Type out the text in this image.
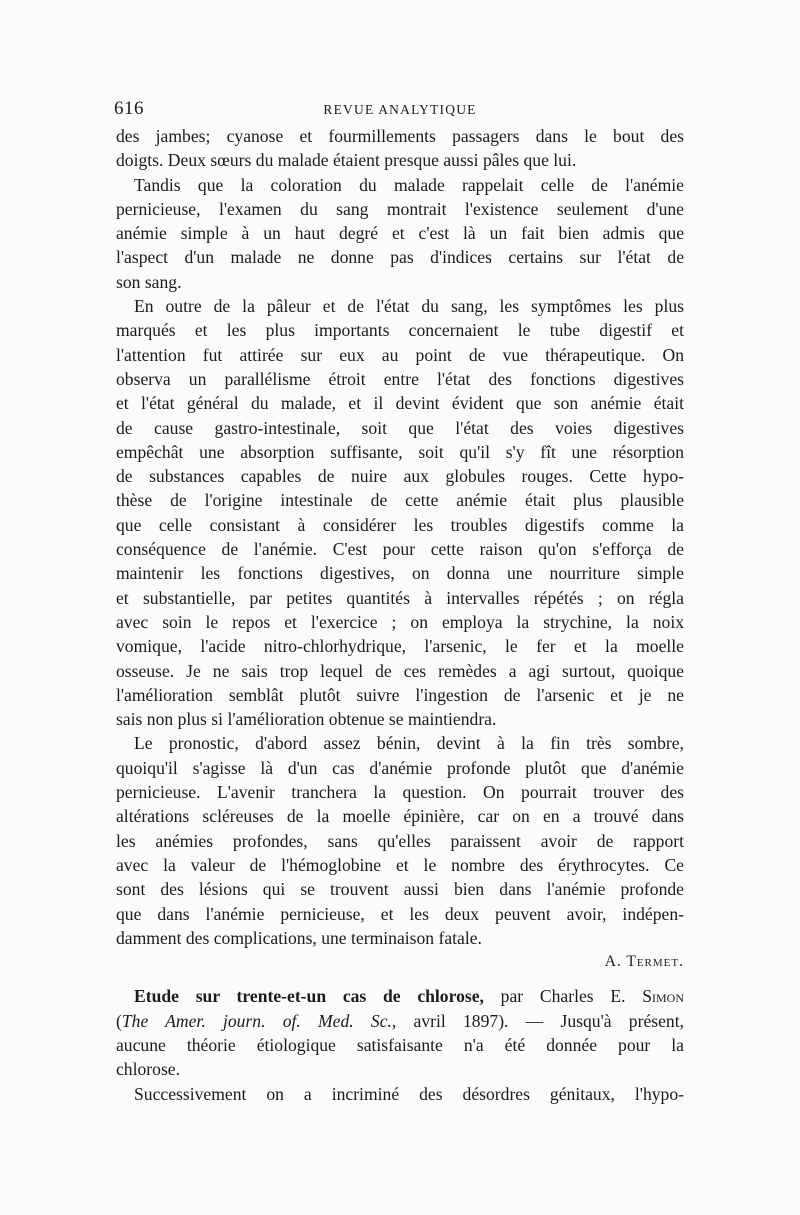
616	REVUE ANALYTIQUE
des jambes; cyanose et fourmillements passagers dans le bout des
doigts. Deux sœurs du malade étaient presque aussi pâles que lui.
Tandis que la coloration du malade rappelait celle de l'anémie
pernicieuse, l'examen du sang montrait l'existence seulement d'une
anémie simple à un haut degré et c'est là un fait bien admis que
l'aspect d'un malade ne donne pas d'indices certains sur l'état de
son sang.
En outre de la pâleur et de l'état du sang, les symptômes les plus
marqués et les plus importants concernaient le tube digestif et
l'attention fut attirée sur eux au point de vue thérapeutique. On
observa un parallélisme étroit entre l'état des fonctions digestives
et l'état général du malade, et il devint évident que son anémie était
de cause gastro-intestinale, soit que l'état des voies digestives
empêchât une absorption suffisante, soit qu'il s'y fît une résorption
de substances capables de nuire aux globules rouges. Cette hypo-
thèse de l'origine intestinale de cette anémie était plus plausible
que celle consistant à considérer les troubles digestifs comme la
conséquence de l'anémie. C'est pour cette raison qu'on s'efforça de
maintenir les fonctions digestives, on donna une nourriture simple
et substantielle, par petites quantités à intervalles répétés ; on régla
avec soin le repos et l'exercice ; on employa la strychine, la noix
vomique, l'acide nitro-chlorhydrique, l'arsenic, le fer et la moelle
osseuse. Je ne sais trop lequel de ces remèdes a agi surtout, quoique
l'amélioration semblât plutôt suivre l'ingestion de l'arsenic et je ne
sais non plus si l'amélioration obtenue se maintiendra.
Le pronostic, d'abord assez bénin, devint à la fin très sombre,
quoiqu'il s'agisse là d'un cas d'anémie profonde plutôt que d'anémie
pernicieuse. L'avenir tranchera la question. On pourrait trouver des
altérations scléreuses de la moelle épinière, car on en a trouvé dans
les anémies profondes, sans qu'elles paraissent avoir de rapport
avec la valeur de l'hémoglobine et le nombre des érythrocytes. Ce
sont des lésions qui se trouvent aussi bien dans l'anémie profonde
que dans l'anémie pernicieuse, et les deux peuvent avoir, indépen-
damment des complications, une terminaison fatale.
A. Termet.
Etude sur trente-et-un cas de chlorose, par Charles E. Simon
(The Amer. journ. of. Med. Sc., avril 1897). — Jusqu'à présent,
aucune théorie étiologique satisfaisante n'a été donnée pour la
chlorose.
Successivement on a incriminé des désordres génitaux, l'hypo-
